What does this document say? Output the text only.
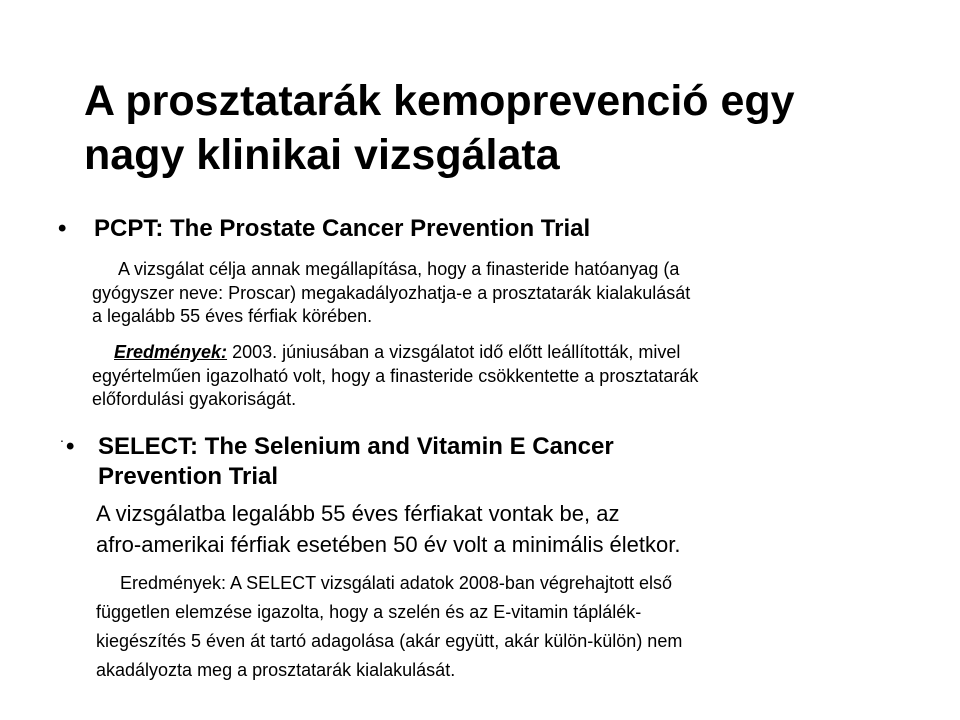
A prosztatarák kemoprevenció egy
nagy klinikai vizsgálata
•	PCPT: The Prostate Cancer Prevention Trial

A vizsgálat célja annak megállapítása, hogy a finasteride hatóanyag (a
gyógyszer neve: Proscar) megakadályozhatja-e a prosztatarák kialakulását
a legalább 55 éves férfiak körében.

Eredmények: 2003. júniusában a vizsgálatot idő előtt leállították, mivel
egyértelműen igazolható volt, hogy a finasteride csökkentette a prosztatarák
előfordulási gyakoriságát.

. • SELECT: The Selenium and Vitamin E Cancer
Prevention Trial

A vizsgálatba legalább 55 éves férfiakat vontak be, az
afro-amerikai férfiak esetében 50 év volt a minimális életkor.

Eredmények: A SELECT vizsgálati adatok 2008-ban végrehajtott első
független elemzése igazolta, hogy a szelén és az E-vitamin táplálék-
kiegészítés 5 éven át tartó adagolása (akár együtt, akár külön-külön) nem
akadályozta meg a prosztatarák kialakulását.
